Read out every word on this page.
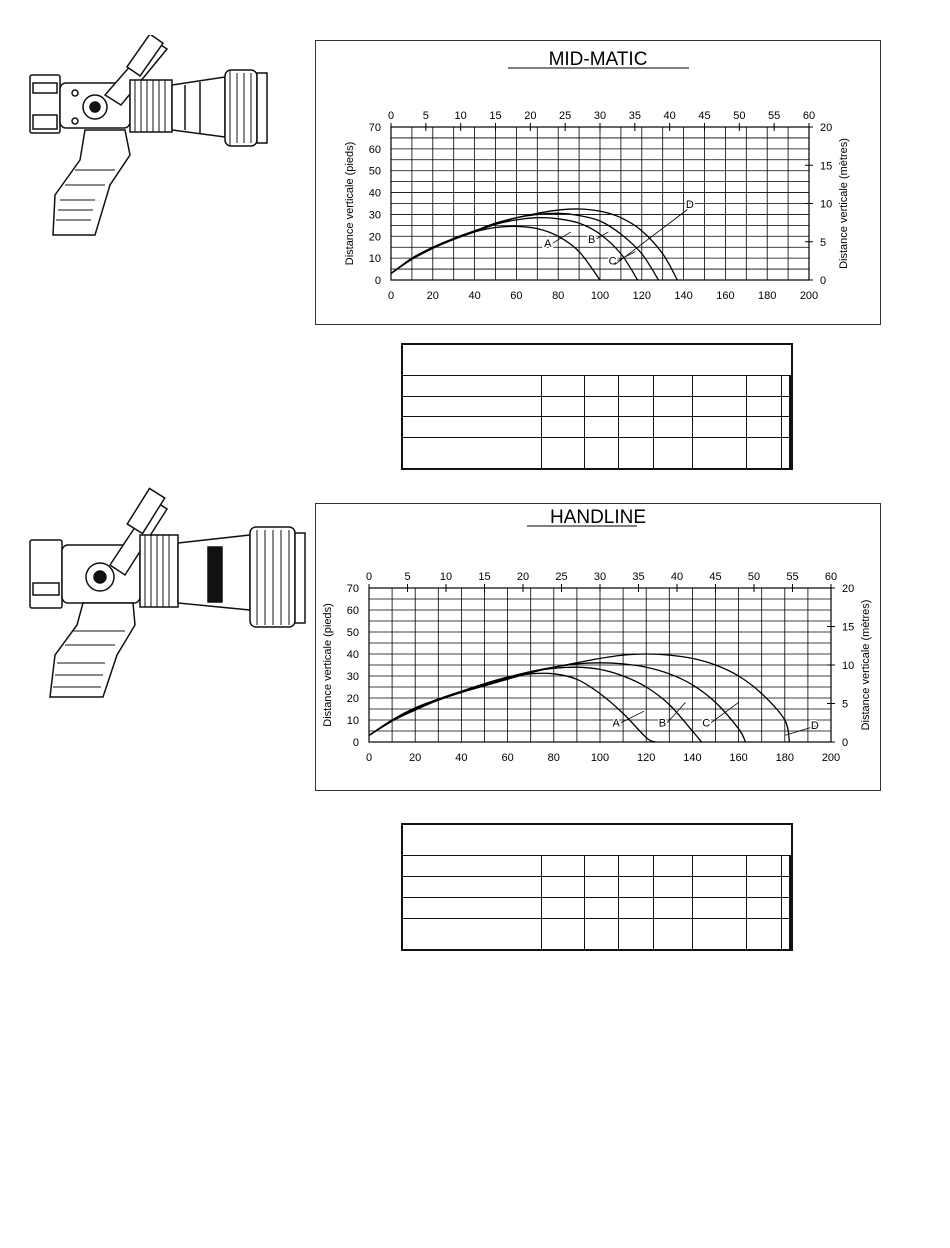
MID-MATIC
0	20	40	60	80 100 120 140 160 180 200
0	5 10 15 20 25 30 35 40 45 50 55 60
0
10
20
30
40
50
60
70
0
5
10
15
20
Distance verticale (pieds)	Distance verticale (mètres)
A	B
C
D

HANDLINE
0	20	40	60	80	100	120	140	160	180	200
0	5	10 15 20 25 30 35 40 45 50 55 60
0
10
20
30
40
50
60
70
0
5
10
15
20
Distance verticale (pieds)	Distance verticale (mètres)
A	B	C	D
